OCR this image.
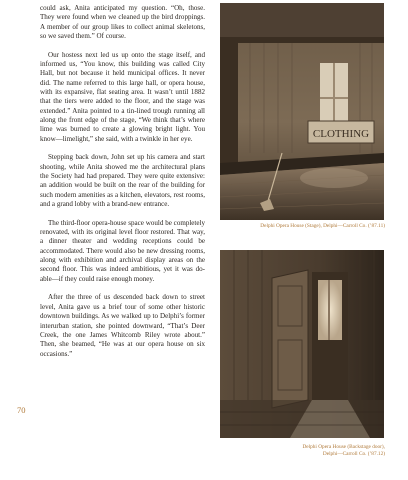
could ask, Anita anticipated my question. “Oh, those. They were found when we cleaned up the bird droppings. A member of our group likes to collect animal skeletons, so we saved them.” Of course.

Our hostess next led us up onto the stage itself, and informed us, “You know, this building was called City Hall, but not because it held municipal offices. It never did. The name referred to this large hall, or opera house, with its expansive, flat seating area. It wasn’t until 1882 that the tiers were added to the floor, and the stage was extended.” Anita pointed to a tin-lined trough running all along the front edge of the stage, “We think that’s where lime was burned to create a glowing bright light. You know—limelight,” she said, with a twinkle in her eye.

Stepping back down, John set up his camera and start shooting, while Anita showed me the architectural plans the Society had had prepared. They were quite extensive: an addition would be built on the rear of the building for such modern amenities as a kitchen, elevators, rest rooms, and a grand lobby with a brand-new entrance.

The third-floor opera-house space would be completely renovated, with its original level floor restored. That way, a dinner theater and wedding receptions could be accommodated. There would also be new dressing rooms, along with exhibition and archival display areas on the second floor. This was indeed ambitious, yet it was do-able—if they could raise enough money.

After the three of us descended back down to street level, Anita gave us a brief tour of some other historic downtown buildings. As we walked up to Delphi’s former interurban station, she pointed downward, “That’s Deer Creek, the one James Whitcomb Riley wrote about.” Then, she beamed, “He was at our opera house on six occasions.”

70
CLOTHING
Delphi Opera House (Stage), Delphi—Carroll Co. (’87.11)
Delphi Opera House (Backstage door),
Delphi—Carroll Co. (’87.12)
